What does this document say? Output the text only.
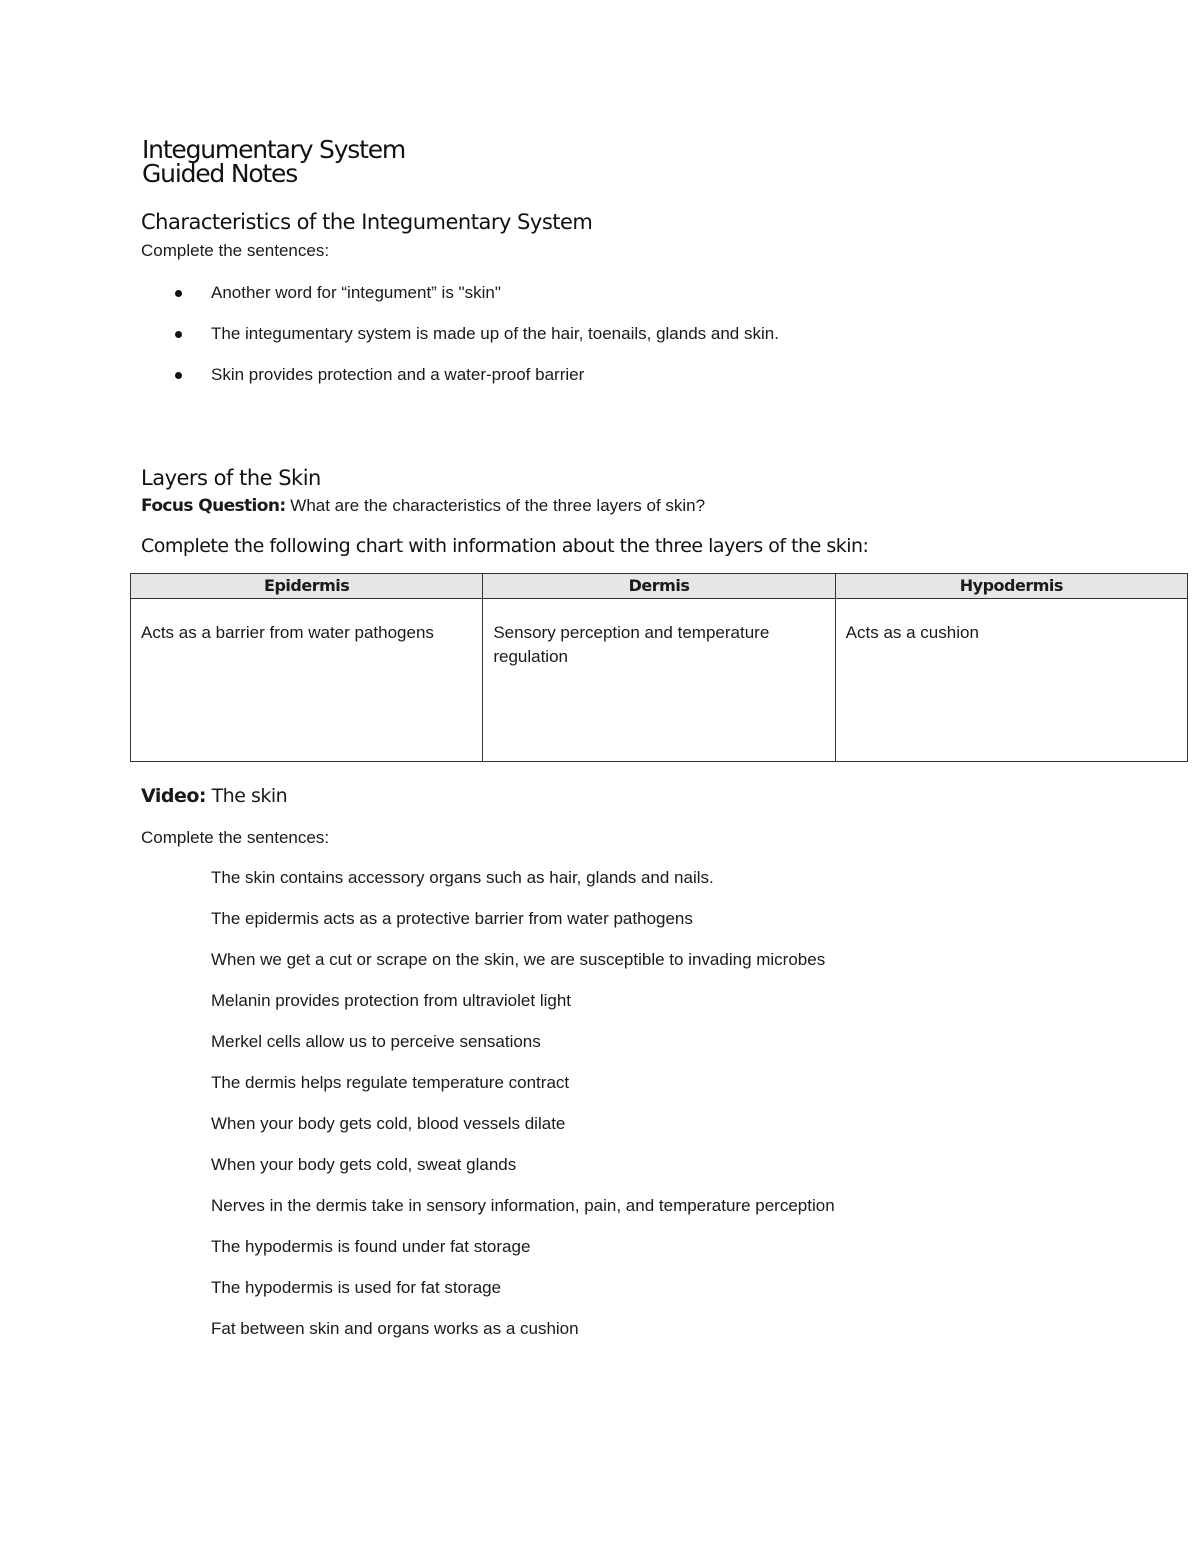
Integumentary System
Guided Notes
Characteristics of the Integumentary System
Complete the sentences:
Another word for “integument” is "skin"
The integumentary system is made up of the hair, toenails, glands and skin.
Skin provides protection and a water-proof barrier
Layers of the Skin
Focus Question: What are the characteristics of the three layers of skin?
Complete the following chart with information about the three layers of the skin:
Epidermis	Dermis	Hypodermis
Acts as a barrier from water pathogens	Sensory perception and temperature regulation	Acts as a cushion
Video: The skin
Complete the sentences:
The skin contains accessory organs such as hair, glands and nails.
The epidermis acts as a protective barrier from water pathogens
When we get a cut or scrape on the skin, we are susceptible to invading microbes
Melanin provides protection from ultraviolet light
Merkel cells allow us to perceive sensations
The dermis helps regulate temperature contract
When your body gets cold, blood vessels dilate
When your body gets cold, sweat glands
Nerves in the dermis take in sensory information, pain, and temperature perception
The hypodermis is found under fat storage
The hypodermis is used for fat storage
Fat between skin and organs works as a cushion
